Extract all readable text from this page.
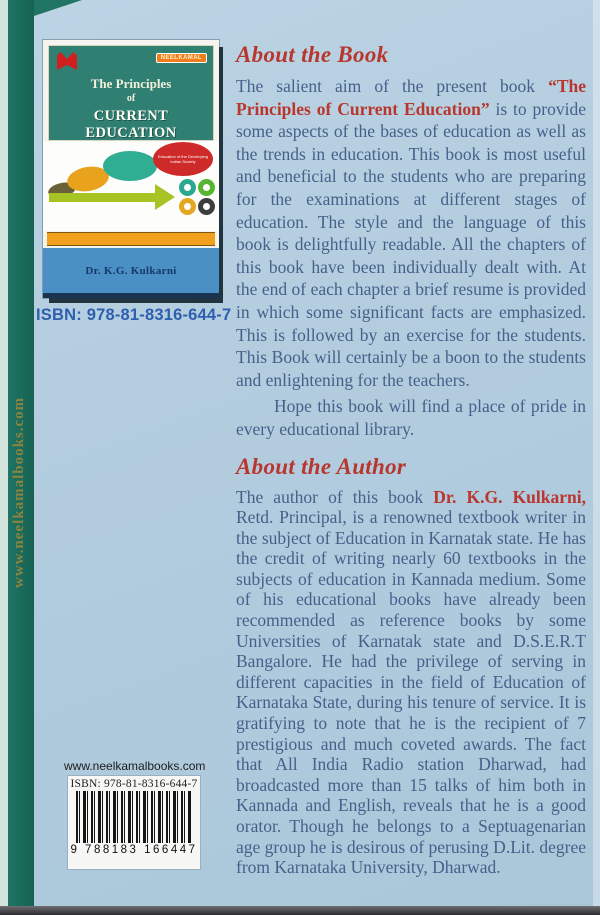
www.neelkamalbooks.com
NEELKAMAL
The Principles
of
CURRENT EDUCATION
Education of the Developing Indian Society
Dr. K.G. Kulkarni
ISBN: 978-81-8316-644-7
www.neelkamalbooks.com
ISBN: 978-81-8316-644-7
9 788183 166447
About the Book
The salient aim of the present book “The Principles of Current Education” is to provide some aspects of the bases of education as well as the trends in education. This book is most useful and beneficial to the students who are preparing for the examinations at different stages of education. The style and the language of this book is delightfully readable. All the chapters of this book have been individually dealt with. At the end of each chapter a brief resume is provided in which some significant facts are emphasized. This is followed by an exercise for the students. This Book will certainly be a boon to the students and enlightening for the teachers.
Hope this book will find a place of pride in every educational library.
About the Author
The author of this book Dr. K.G. Kulkarni, Retd. Principal, is a renowned textbook writer in the subject of Education in Karnatak state. He has the credit of writing nearly 60 textbooks in the subjects of education in Kannada medium. Some of his educational books have already been recommended as reference books by some Universities of Karnatak state and D.S.E.R.T Bangalore. He had the privilege of serving in different capacities in the field of Education of Karnataka State, during his tenure of service. It is gratifying to note that he is the recipient of 7 prestigious and much coveted awards. The fact that All India Radio station Dharwad, had broadcasted more than 15 talks of him both in Kannada and English, reveals that he is a good orator. Though he belongs to a Septuagenarian age group he is desirous of perusing D.Lit. degree from Karnataka University, Dharwad.
